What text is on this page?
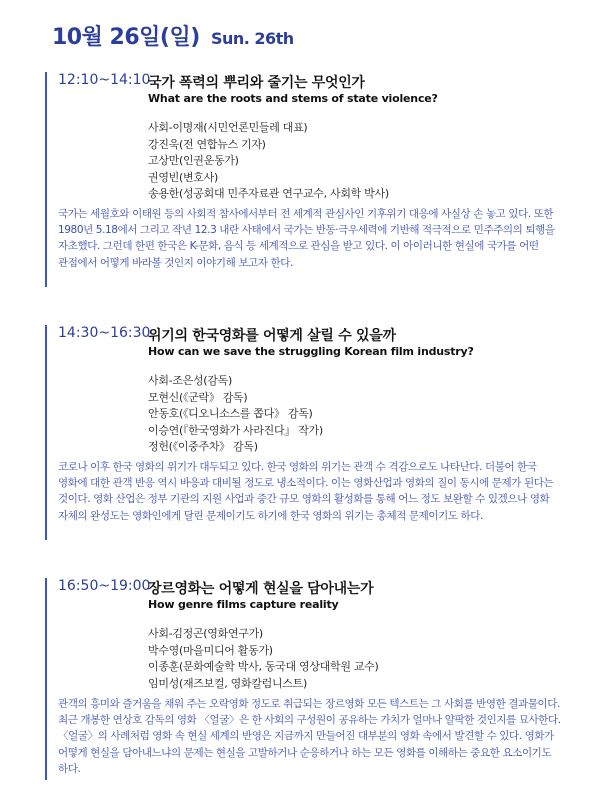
10월 26일(일) Sun. 26th
12:10~14:10
국가 폭력의 뿌리와 줄기는 무엇인가
What are the roots and stems of state violence?
사회-이명재(시민언론민들레 대표)
강진욱(전 연합뉴스 기자)
고상만(인권운동가)
권영빈(변호사)
송용한(성공회대 민주자료관 연구교수, 사회학 박사)
국가는 세월호와 이태원 등의 사회적 참사에서부터 전 세계적 관심사인 기후위기 대응에 사실상 손 놓고 있다. 또한 1980년 5.18에서 그리고 작년 12.3 내란 사태에서 국가는 반동·극우세력에 기반해 적극적으로 민주주의의 퇴행을 자초했다. 그런데 한편 한국은 K-문화, 음식 등 세계적으로 관심을 받고 있다. 이 아이러니한 현실에 국가를 어떤 관점에서 어떻게 바라볼 것인지 이야기해 보고자 한다.
14:30~16:30
위기의 한국영화를 어떻게 살릴 수 있을까
How can we save the struggling Korean film industry?
사회-조은성(감독)
모현신(《군락》 감독)
안동호(《디오니소스를 쫍다》 감독)
이승연(『한국영화가 사라진다』 작가)
정헌(《이중주차》 감독)
코로나 이후 한국 영화의 위기가 대두되고 있다. 한국 영화의 위기는 관객 수 격감으로도 나타난다. 더불어 한국 영화에 대한 관객 반응 역시 바응과 대비될 정도로 냉소적이다. 이는 영화산업과 영화의 질이 동시에 문제가 된다는 것이다. 영화 산업은 정부 기관의 지원 사업과 중간 규모 영화의 활성화를 통해 어느 정도 보완할 수 있겠으나 영화 자체의 완성도는 영화인에게 달린 문제이기도 하기에 한국 영화의 위기는 총체적 문제이기도 하다.
16:50~19:00
장르영화는 어떻게 현실을 담아내는가
How genre films capture reality
사회-김정곤(영화연구가)
박수영(마을미디어 활동가)
이종훈(문화예술학 박사, 동국대 영상대학원 교수)
임미성(재즈보컬, 영화칼럼니스트)
관객의 흥미와 즐거움을 채워 주는 오락영화 정도로 취급되는 장르영화 모든 텍스트는 그 사회를 반영한 결과물이다. 최근 개봉한 연상호 감독의 영화 〈얼굴〉은 한 사회의 구성원이 공유하는 가치가 얼마나 얄팍한 것인지를 묘사한다. 〈얼굴〉의 사례처럼 영화 속 현실 세계의 반영은 지금까지 만들어진 대부분의 영화 속에서 발견할 수 있다. 영화가 어떻게 현실을 담아내느냐의 문제는 현실을 고발하거나 순응하거나 하는 모든 영화를 이해하는 중요한 요소이기도 하다.
